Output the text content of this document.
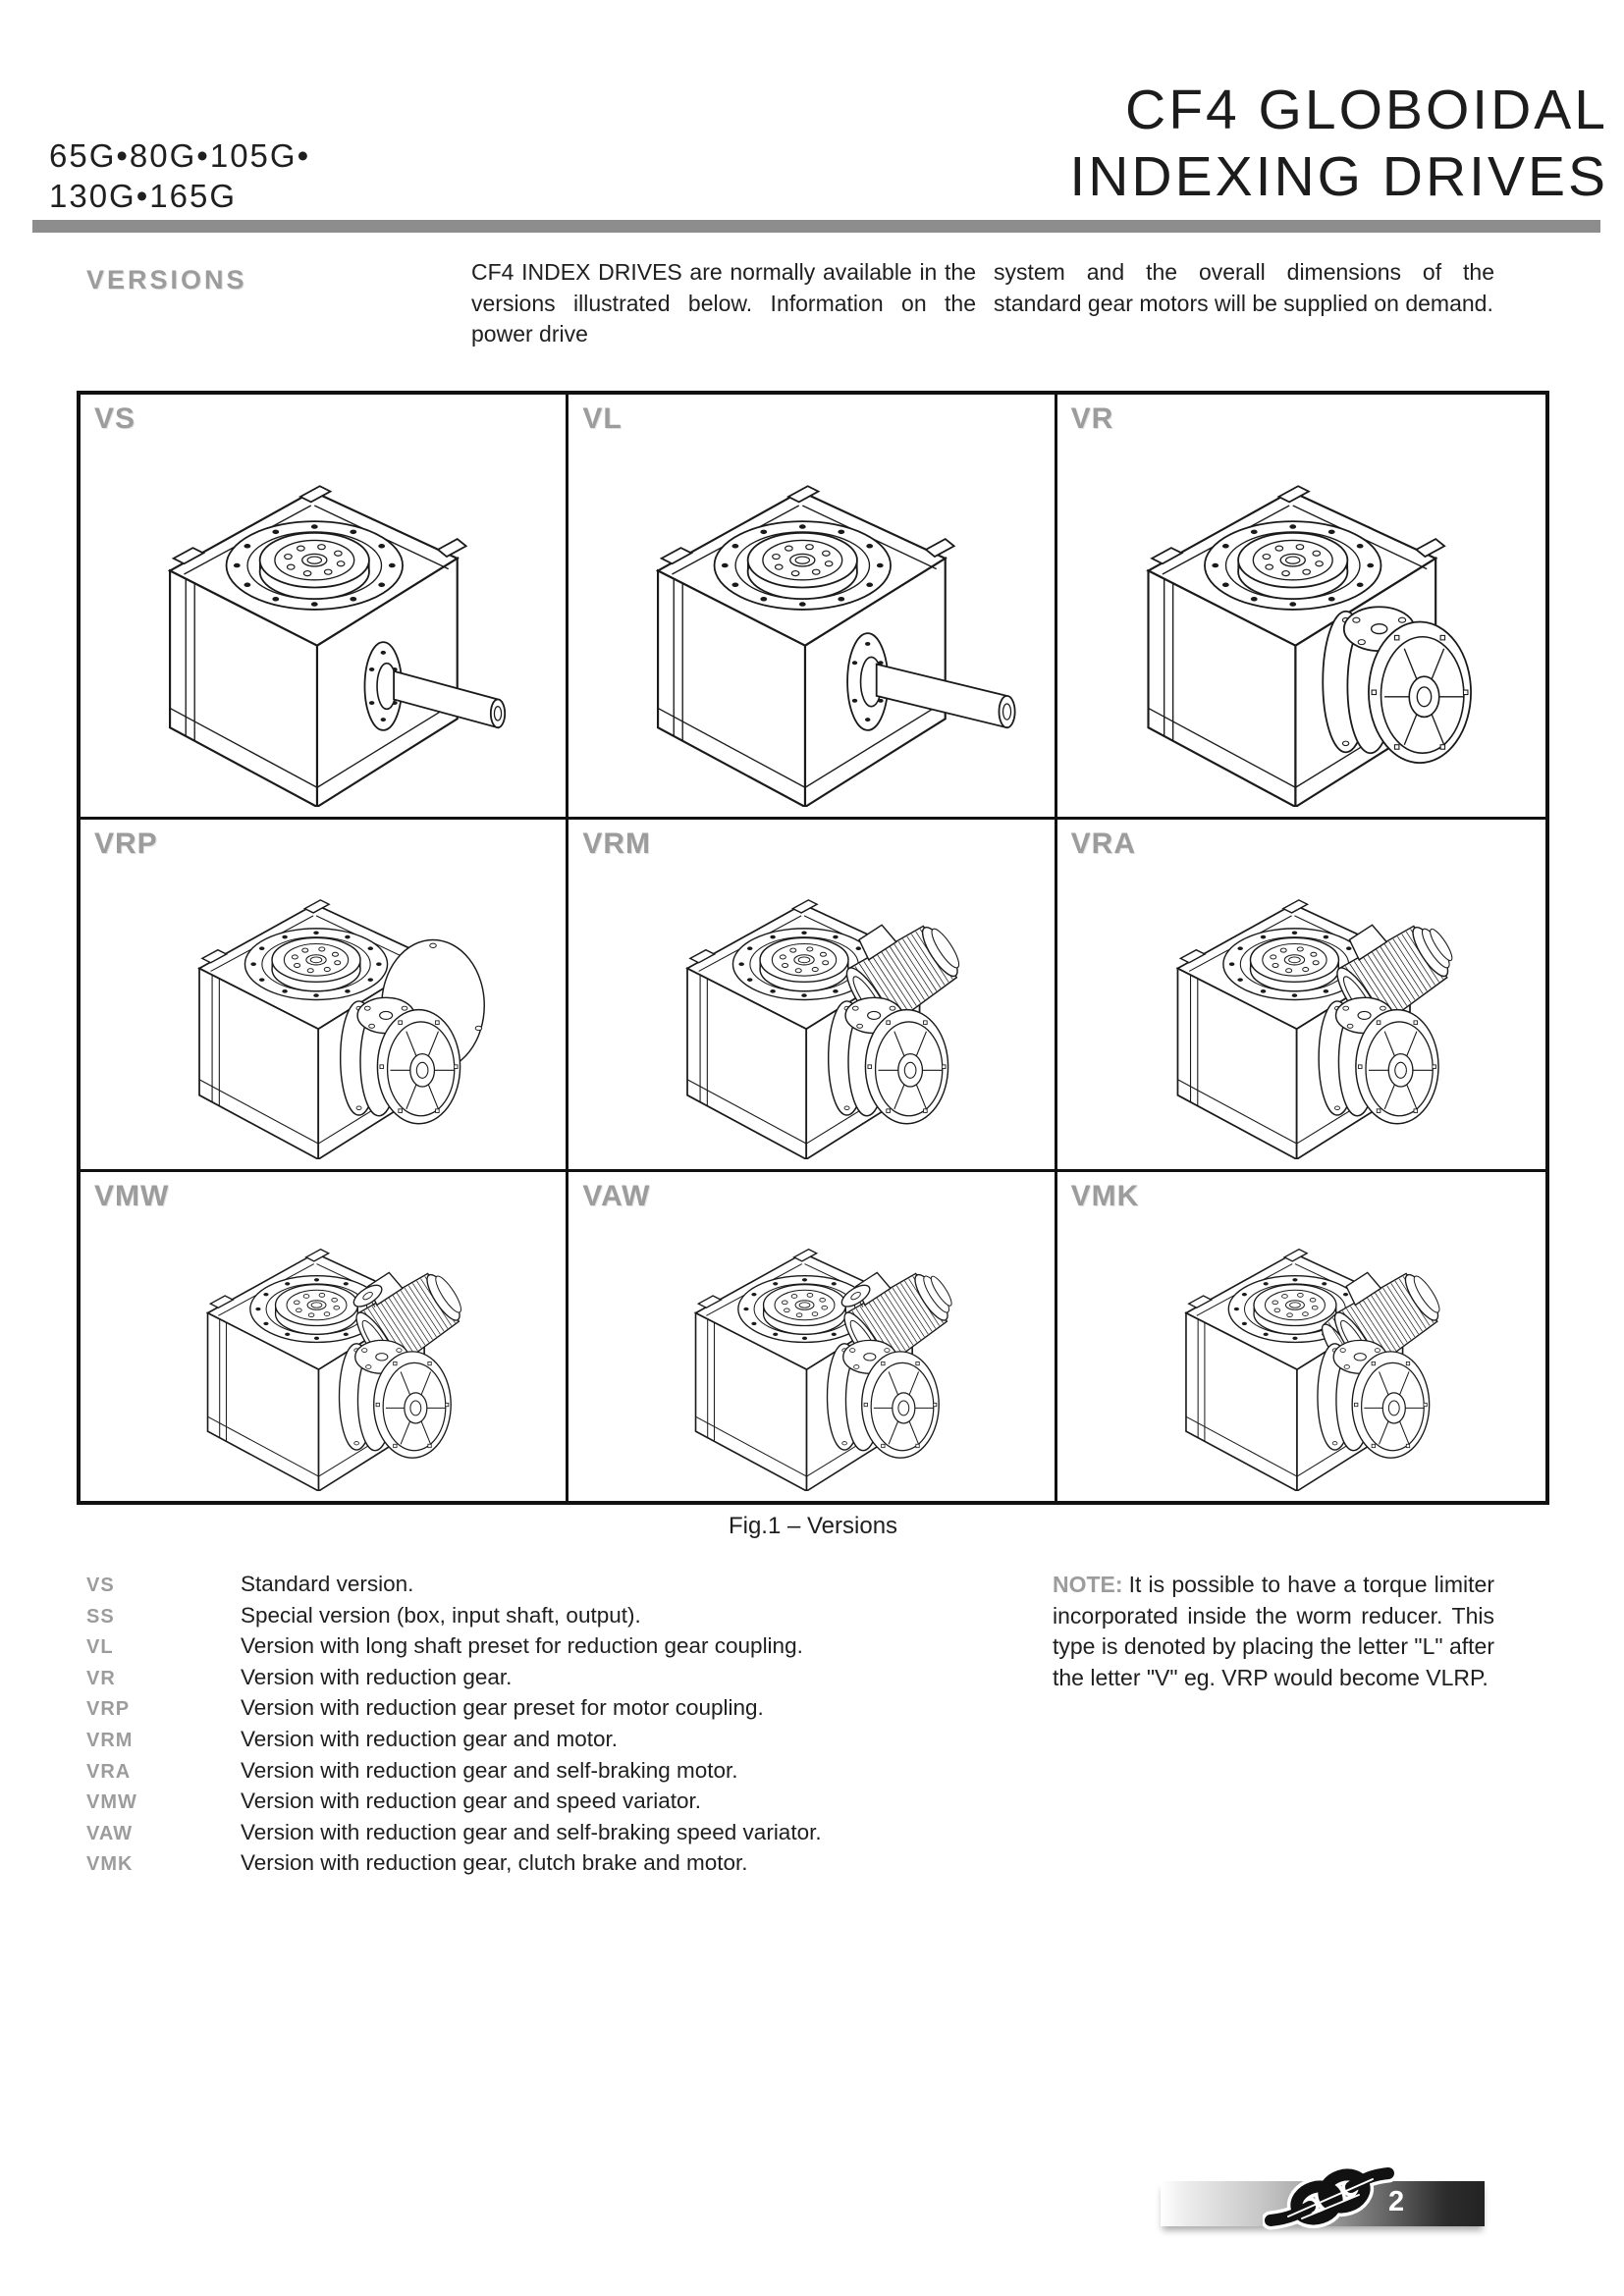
65G•80G•105G•
130G•165G
CF4 GLOBOIDAL
INDEXING DRIVES
VERSIONS	CF4 INDEX DRIVES are normally available in the versions illustrated below. Information on the power drive

system and the overall dimensions of the standard gear motors will be supplied on demand.

VS	VL	VR
VRP	VRM	VRA
VMW	VAW	VMK

Fig.1 – Versions

VS	Standard version.
SS	Special version (box, input shaft, output).
VL	Version with long shaft preset for reduction gear coupling.
VR	Version with reduction gear.
VRP	Version with reduction gear preset for motor coupling.
VRM	Version with reduction gear and motor.
VRA	Version with reduction gear and self-braking motor.
VMW	Version with reduction gear and speed variator.
VAW	Version with reduction gear and self-braking speed variator.
VMK	Version with reduction gear, clutch brake and motor.

NOTE: It is possible to have a torque limiter incorporated inside the worm reducer. This type is denoted by placing the letter "L" after the letter "V" eg. VRP would become VLRP.

2
